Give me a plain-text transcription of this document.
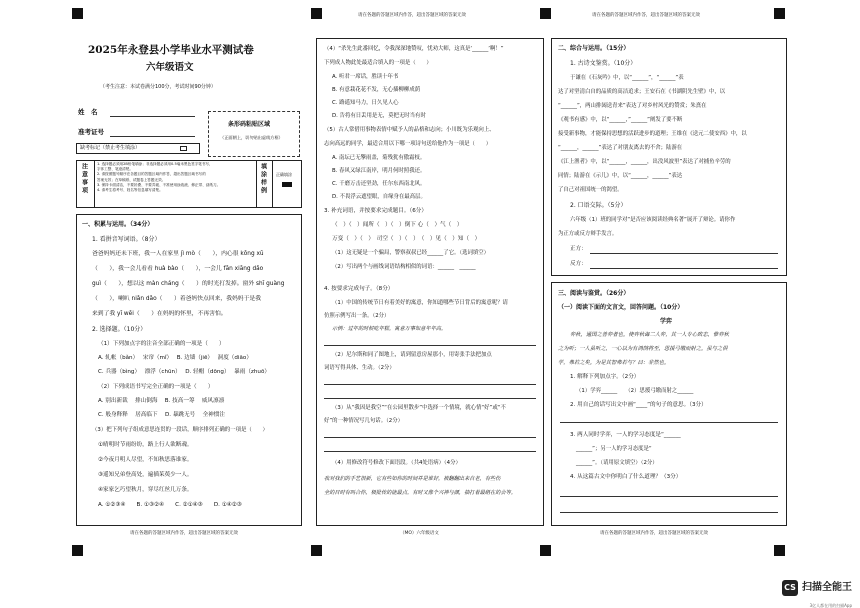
请在各题的答题区域内作答，超出答题区域的答案无效	请在各题的答题区域内作答，超出答题区域的答案无效
请在各题的答题区域内作答，超出答题区域的答案无效	（MO）六年级语文	请在各题的答题区域内作答，超出答题区域的答案无效
2025年永登县小学毕业水平测试卷
六年级语文
（考生注意：本试卷满分100分，考试时间90分钟）
姓　名
准考证号
缺考标记（禁止考生填涂）
条形码粘贴区域
（正面朝上，切勿贴出虚线方框）
注意事项	1. 选择题必须用2B铅笔填涂；非选择题必须用0.5毫米黑色签字笔书写，
字体工整、笔迹清楚。
2. 请按照题号顺序在各题目的答题区域内作答，超出答题区域书写的
答案无效；在草稿纸、试题卷上答题无效。
3. 保持卡面清洁，不要折叠、不要弄破、不准使用涂改液、修正带、刮纸刀。
4. 请考生将考号、姓名等信息填写清楚。	填涂样例 正确填涂
一、积累与运用。（34分）
1. 看拼音写词语。（8分）
爸爸妈妈还未下班，我一人在家里 jì mò（　　），内心很 kōng xū
（　　），我一会儿看看 huà bào（　　），一会儿 fān xiāng dǎo
guì（　　），想以这 màn cháng（　　）的时光打发掉。窗外 shī guàng
（　　），喇叭 niǎn dǎo（　　）着爸妈快点回来，我妈妈于是我
来到了我 yī wēi（　　）在妈妈的怀里，不再害怕。
2. 选择题。（10分）
（1）下列加点字的注音全部正确的一项是（　　）
A. 轧帐（bǎn）　 宋帘（mǐ）　 B. 边墙（jiē）　 洞度（diāo）
C. 兵器（bìng）　 漂浮（chūn）　 D. 轻帽（dōng）　 暴雨（zhuō）
（2）下列成语书写完全正确的一项是（　　）
A. 别出新裁　 排山倒海　 B. 技高一筹　 威风凛凛
C. 般身释释　 居高临下　 D. 暴跳无号　 全神惯注
（3）把下列句子组成意思连贯的一段话，顺序排列正确的一项是（　　）
①晴明时节雨纷纷，路上行人欲断魂。
②今夜月明人尽望，不知秋思落谁家。
③遥知兄弟登高处，遍插茱萸少一人。
④家家乞巧望秋月，穿尽红丝几万条。
A. ①②③④　　B. ①③②④　　C. ②①④③　　D. ①④②③
（4）“杀先生此番回忆，令我深深地赞叹，忧劝大师，这真是‘______’啊！”
下列成人物此处最适合填入的一项是（　　）
A. 听君一席话，胜读十年书
B. 有意栽花花不发，无心插柳柳成荫
C. 路遥知马力，日久见人心
D. 告将有日丢用是无，莫把无时当有时
（5）古人常借用事物表情中赋予人的品格和志向；小川既为乐观向上、
志向高远的同学，最适合用以下哪一项诗句送给他作为一项是（　　）
A. 南坛已无擎雨盖，菊残犹有傲霜枝。
B. 春风又绿江南岸，明月何时照我还。
C. 千磨万击还坚劲，任尔东西南北风。
D. 不畏浮云遮望眼，自缘身在最高层。
3. 补充词语，并按要求完成题目。（6分）
（　）（　）闻所（　）（　）倒下 心（　）气（　）
万变（　）（　）　司空（　）（　）　（　）见（　）知（　）
（1）这无疑是一个骗局，警察叔叔已经______了它。（选词填空）
（2）写出两个与画线词语结构相似的词语：______　______
4. 按要求完成句子。（8分）
（1）中国的传统节日有着美好的寓意，你知道哪些节日背后的寓意呢？请
仿照示例写出一条。（2分）
示例：过年的时候吃年糕，寓意万事如意年年高。
（2）尼尔斯和同了图地上，请到留意房屋那小，用寄张手法把加点
词语写得具体、生动。（2分）
（3）从“我因是我空”“在公园里散步”中选择一个情境，就心情“好”或“不
好”的一种情况写几句话。（2分）
（4）用修改符号修改下面语段。（共4处语病）（4分）
我对我们的手艺很新，它有些如你的时间并是谁好，被翻翻出来自老，有些伤
全的日时有吗合你，极批传的能最点。有时又像个兴神与颜，抽打着最组在的会等。
二、综合与运用。（15分）
1. 古诗文鉴赏。（10分）
于谦在《石灰吟》中，以“______”，“______”表
达了对坚清白自的品质的高洁追求；王安石在《书湖阴先生壁》中，以
“______”，两山排闼送青来”表达了对乡村风光的赞赏；朱熹在
《观书有感》中，以“______，”______”阐发了要不断
接受新事物，才能保持思想的活跃进步的道理；王维在《送元二使安西》中，以
“______，______”表达了对朋友离去的不舍；陆游在
《江上渔者》中，以“______，______，出没风波里”表达了对捕鱼辛劳的
同情；陆游在《示儿》中，以“______，______”表达
了自己对祖国统一的渴望。
2. 口语交际。（5分）
六年级（1）班的同学对“是否应该阅读经典名著”展开了辩论。请你作
为正方或反方辩手发言。
正方：
反方：
三、阅读与鉴赏。（26分）
（一）阅读下面的文言文，回答问题。（10分）
学弈
弈秋，通国之善弈者也。使弈秋诲二人弈，其一人专心致志，惟弈秋
之为听；一人虽听之，一心以为有鸿鹄将至，思援弓缴而射之。虽与之俱
学，弗若之矣。为是其智弗若与？曰：非然也。
1. 解释下列加点字。（2分）
（1）学弈______　　（2）思援弓缴而射之______
2. 用自己的话写出文中画“____”的句子的意思。（3分）
3. 两人同时学弈，一人的学习态度是“______
______”；另一人的学习态度是“
______”。（请用原文填空）（2分）
4. 从这篇古文中你明白了什么道理？（3分）
CS 扫描全能王
3亿人都在用的扫描App
